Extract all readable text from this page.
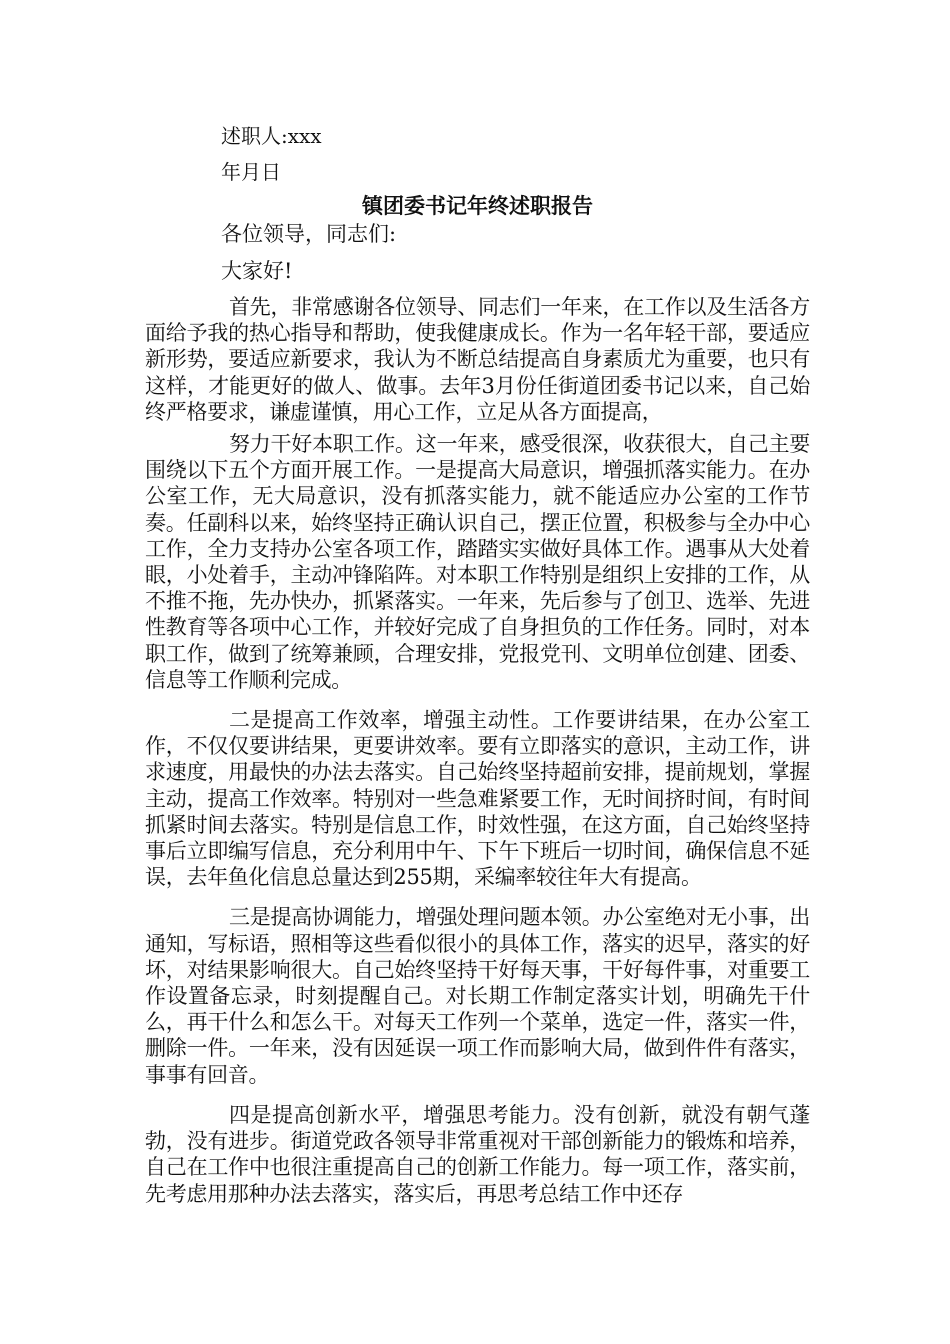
述职人:xxx

年月日

镇团委书记年终述职报告

各位领导，同志们:

大家好!

首先，非常感谢各位领导、同志们一年来，在工作以及生活各方面给予我的热心指导和帮助，使我健康成长。作为一名年轻干部，要适应新形势，要适应新要求，我认为不断总结提高自身素质尤为重要，也只有这样，才能更好的做人、做事。去年3月份任街道团委书记以来，自己始终严格要求，谦虚谨慎，用心工作，立足从各方面提高，

努力干好本职工作。这一年来，感受很深，收获很大，自己主要围绕以下五个方面开展工作。一是提高大局意识，增强抓落实能力。在办公室工作，无大局意识，没有抓落实能力，就不能适应办公室的工作节奏。任副科以来，始终坚持正确认识自己，摆正位置，积极参与全办中心工作，全力支持办公室各项工作，踏踏实实做好具体工作。遇事从大处着眼，小处着手，主动冲锋陷阵。对本职工作特别是组织上安排的工作，从不推不拖，先办快办，抓紧落实。一年来，先后参与了创卫、选举、先进性教育等各项中心工作，并较好完成了自身担负的工作任务。同时，对本职工作，做到了统筹兼顾，合理安排，党报党刊、文明单位创建、团委、信息等工作顺利完成。

二是提高工作效率，增强主动性。工作要讲结果，在办公室工作，不仅仅要讲结果，更要讲效率。要有立即落实的意识，主动工作，讲求速度，用最快的办法去落实。自己始终坚持超前安排，提前规划，掌握主动，提高工作效率。特别对一些急难紧要工作，无时间挤时间，有时间抓紧时间去落实。特别是信息工作，时效性强，在这方面，自己始终坚持事后立即编写信息，充分利用中午、下午下班后一切时间，确保信息不延误，去年鱼化信息总量达到255期，采编率较往年大有提高。

三是提高协调能力，增强处理问题本领。办公室绝对无小事，出通知，写标语，照相等这些看似很小的具体工作，落实的迟早，落实的好坏，对结果影响很大。自己始终坚持干好每天事，干好每件事，对重要工作设置备忘录，时刻提醒自己。对长期工作制定落实计划，明确先干什么，再干什么和怎么干。对每天工作列一个菜单，选定一件，落实一件，删除一件。一年来，没有因延误一项工作而影响大局，做到件件有落实，事事有回音。

四是提高创新水平，增强思考能力。没有创新，就没有朝气蓬勃，没有进步。街道党政各领导非常重视对干部创新能力的锻炼和培养，自己在工作中也很注重提高自己的创新工作能力。每一项工作，落实前，先考虑用那种办法去落实，落实后，再思考总结工作中还存
